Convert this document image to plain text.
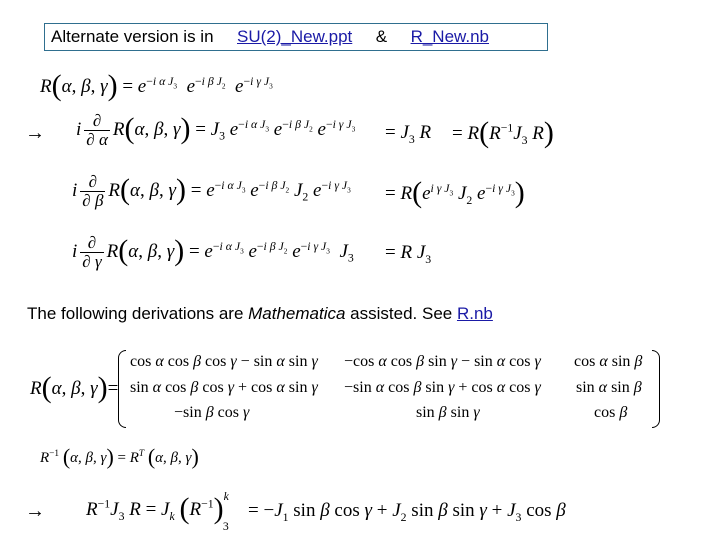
Alternate version is in SU(2)_New.ppt & R_New.nb
R(α, β, $\gamma) = e^{-i \alpha J_3}$ $e^{-i \beta J_2}$ $e^{-i \gamma J_3}$
→ i $\frac{\partial}{\partial \alpha} R(\alpha$, β, $\gamma) = J_3$ $e^{-i \alpha J_3}$ $e^{-i \beta J_2}$ $e^{-i \gamma J_3} = J_3$ $R = R(R^{-1}J_3$ R)
i $\frac{\partial}{\partial \beta} R(\alpha$, β, $\gamma) = e^{-i \alpha J_3}$ $e^{-i \beta J_2}$ $J_2$ $e^{-i \gamma J_3} = R(e^{i \gamma J_3}$ $J_2$ $e^{-i \gamma J_3}$)
i $\frac{\partial}{\partial \gamma} R(\alpha$, β, $\gamma) = e^{-i \alpha J_3}$ $e^{-i \beta J_2}$ $e^{-i \gamma J_3}$ $J_3 = R$ $J_3$
The following derivations are Mathematica assisted. See R.nb
R(α, β, γ)=
cos α cos β cos γ − sin α sin γ −cos α cos β sin γ − sin α cos γ cos α sin β
sin α cos β cos γ + cos α sin γ −sin α cos β sin γ + cos α cos γ sin α sin β
−sin β cos γ	sin β sin γ	cos β
$R^{-1}$ (α, β, $\gamma) = R^T$ (α, β, γ)
→ $R^{-1}J_3$ $R = J_k$ $(R^{-1})^k_3$
= $-J_1$ sin β $\cos \gamma + J_2$ sin β $\sin \gamma + J_3$ cos β
